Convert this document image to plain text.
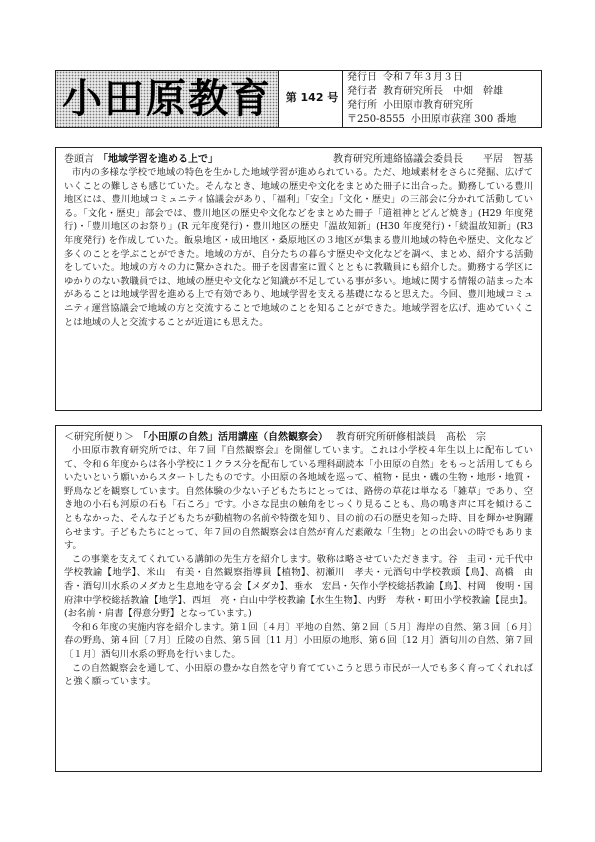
小田原教育	第 142 号
発行日 令和７年３月３日
発行者 教育研究所長　中畑　幹雄
発行所 小田原市教育研究所
〒250-8555 小田原市荻窪 300 番地
巻頭言 「地域学習を進める上で」	教育研究所連絡協議会委員長　　平居　智基

市内の多様な学校で地域の特色を生かした地域学習が進められている。ただ、地域素材をさらに発掘、広げていくことの難しさも感じていた。そんなとき、地域の歴史や文化をまとめた冊子に出合った。勤務している豊川地区には、豊川地域コミュニティ協議会があり、「福利」「安全」「文化・歴史」の三部会に分かれて活動している。「文化・歴史」部会では、豊川地区の歴史や文化などをまとめた冊子「道祖神とどんど焼き」(H29 年度発行)・「豊川地区のお祭り」(R 元年度発行)・豊川地区の歴史「温故知新」(H30 年度発行)・「続温故知新」(R3 年度発行) を作成していた。飯泉地区・成田地区・桑原地区の３地区が集まる豊川地域の特色や歴史、文化など多くのことを学ぶことができた。地域の方が、自分たちの暮らす歴史や文化などを調べ、まとめ、紹介する活動をしていた。地域の方々の力に驚かされた。冊子を図書室に置くとともに教職員にも紹介した。勤務する学区にゆかりのない教職員では、地域の歴史や文化など知識が不足している事が多い。地域に関する情報の詰まった本があることは地域学習を進める上で有効であり、地域学習を支える基礎になると思えた。今回、豊川地域コミュニティ運営協議会で地域の方と交流することで地域のことを知ることができた。地域学習を広げ、進めていくことは地域の人と交流することが近道にも思えた。

＜研究所便り＞ 「小田原の自然」活用講座（自然観察会） 教育研究所研修相談員　髙松　宗

小田原市教育研究所では、年７回『自然観察会』を開催しています。これは小学校４年生以上に配布していて、令和６年度からは各小学校に１クラス分を配布している理科副読本「小田原の自然」をもっと活用してもらいたいという願いからスタートしたものです。小田原の各地域を巡って、植物・昆虫・磯の生物・地形・地質・野鳥などを観察しています。自然体験の少ない子どもたちにとっては、路傍の草花は単なる「雑草」であり、空き地の小石も河原の石も「石ころ」です。小さな昆虫の触角をじっくり見ることも、鳥の鳴き声に耳を傾けることもなかった、そんな子どもたちが動植物の名前や特徴を知り、目の前の石の歴史を知った時、目を輝かせ胸躍らせます。子どもたちにとって、年７回の自然観察会は自然が育んだ素敵な「生物」との出会いの時でもあります。

この事業を支えてくれている講師の先生方を紹介します。敬称は略させていただきます。谷　圭司・元千代中学校教諭【地学】、米山　有美・自然観察指導員【植物】、初瀬川　孝夫・元酒匂中学校教頭【鳥】、高橋　由香・酒匂川水系のメダカと生息地を守る会【メダカ】、垂水　宏昌・矢作小学校総括教諭【鳥】、村岡　俊明・国府津中学校総括教諭【地学】、西垣　亮・白山中学校教諭【水生生物】、内野　寿秋・町田小学校教諭【昆虫】。(お名前・肩書【得意分野】となっています。)

令和６年度の実施内容を紹介します。第１回〔４月〕平地の自然、第２回〔５月〕海岸の自然、第３回〔６月〕春の野鳥、第４回〔７月〕丘陵の自然、第５回〔11 月〕小田原の地形、第６回〔12 月〕酒匂川の自然、第７回〔１月〕酒匂川水系の野鳥を行いました。

この自然観察会を通して、小田原の豊かな自然を守り育てていこうと思う市民が一人でも多く育ってくれればと強く願っています。
